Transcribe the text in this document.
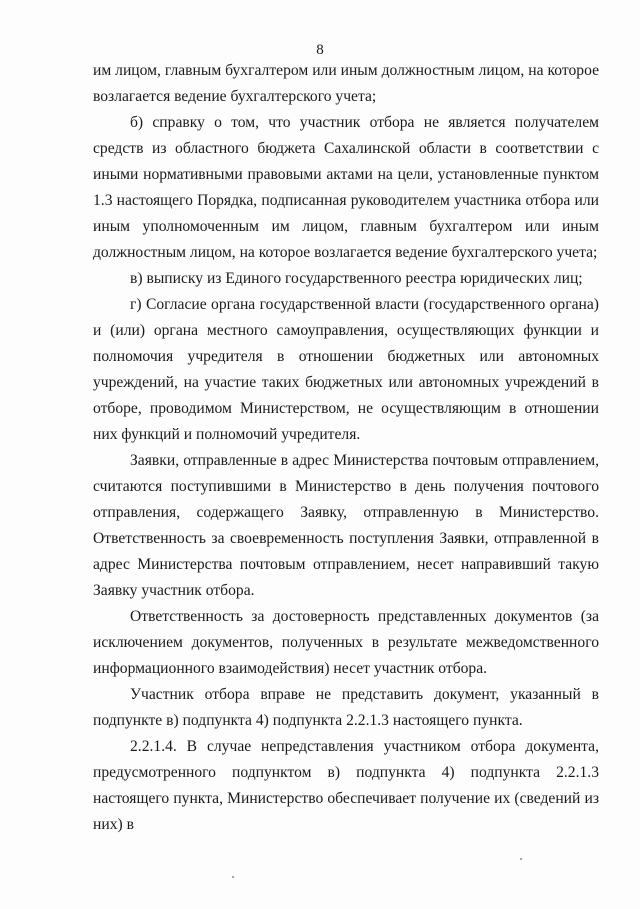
8

им лицом, главным бухгалтером или иным должностным лицом, на которое возлагается ведение бухгалтерского учета;

б) справку о том, что участник отбора не является получателем средств из областного бюджета Сахалинской области в соответствии с иными нормативными правовыми актами на цели, установленные пунктом 1.3 настоящего Порядка, подписанная руководителем участника отбора или иным уполномоченным им лицом, главным бухгалтером или иным должностным лицом, на которое возлагается ведение бухгалтерского учета;

в) выписку из Единого государственного реестра юридических лиц;

г) Согласие органа государственной власти (государственного органа) и (или) органа местного самоуправления, осуществляющих функции и полномочия учредителя в отношении бюджетных или автономных учреждений, на участие таких бюджетных или автономных учреждений в отборе, проводимом Министерством, не осуществляющим в отношении них функций и полномочий учредителя.

Заявки, отправленные в адрес Министерства почтовым отправлением, считаются поступившими в Министерство в день получения почтового отправления, содержащего Заявку, отправленную в Министерство. Ответственность за своевременность поступления Заявки, отправленной в адрес Министерства почтовым отправлением, несет направивший такую Заявку участник отбора.

Ответственность за достоверность представленных документов (за исключением документов, полученных в результате межведомственного информационного взаимодействия) несет участник отбора.

Участник отбора вправе не представить документ, указанный в подпункте в) подпункта 4) подпункта 2.2.1.3 настоящего пункта.

2.2.1.4. В случае непредставления участником отбора документа, предусмотренного подпунктом в) подпункта 4) подпункта 2.2.1.3 настоящего пункта, Министерство обеспечивает получение их (сведений из них) в
